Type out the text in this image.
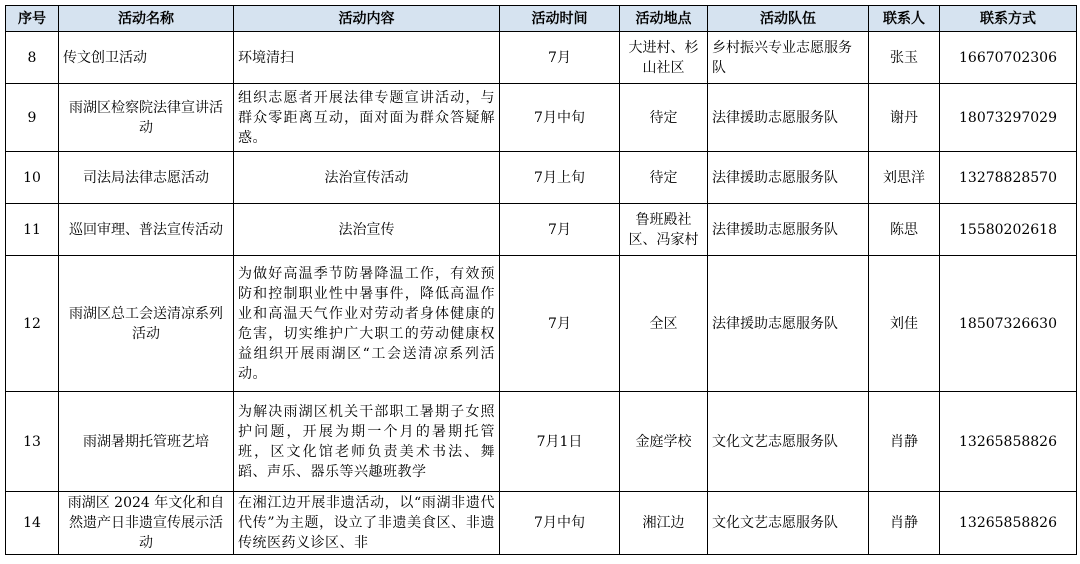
序号	活动名称	活动内容	活动时间	活动地点	活动队伍	联系人	联系方式
8	传文创卫活动	环境清扫	7月	大进村、杉山社区	乡村振兴专业志愿服务队	张玉	16670702306
9	雨湖区检察院法律宣讲活动	组织志愿者开展法律专题宣讲活动，与群众零距离互动，面对面为群众答疑解惑。	7月中旬	待定	法律援助志愿服务队	谢丹	18073297029
10	司法局法律志愿活动	法治宣传活动	7月上旬	待定	法律援助志愿服务队	刘思洋	13278828570
11	巡回审理、普法宣传活动	法治宣传	7月	鲁班殿社区、冯家村	法律援助志愿服务队	陈思	15580202618
12	雨湖区总工会送清凉系列活动	为做好高温季节防暑降温工作，有效预防和控制职业性中暑事件，降低高温作业和高温天气作业对劳动者身体健康的危害，切实维护广大职工的劳动健康权益组织开展雨湖区“工会送清凉系列活动。	7月	全区	法律援助志愿服务队	刘佳	18507326630
13	雨湖暑期托管班艺培	为解决雨湖区机关干部职工暑期子女照护问题，开展为期一个月的暑期托管班，区文化馆老师负责美术书法、舞蹈、声乐、器乐等兴趣班教学	7月1日	金庭学校	文化文艺志愿服务队	肖静	13265858826
14	雨湖区 2024 年文化和自然遗产日非遗宣传展示活动	在湘江边开展非遗活动，以“雨湖非遗代代传”为主题，设立了非遗美食区、非遗传统医药义诊区、非	7月中旬	湘江边	文化文艺志愿服务队	肖静	13265858826
